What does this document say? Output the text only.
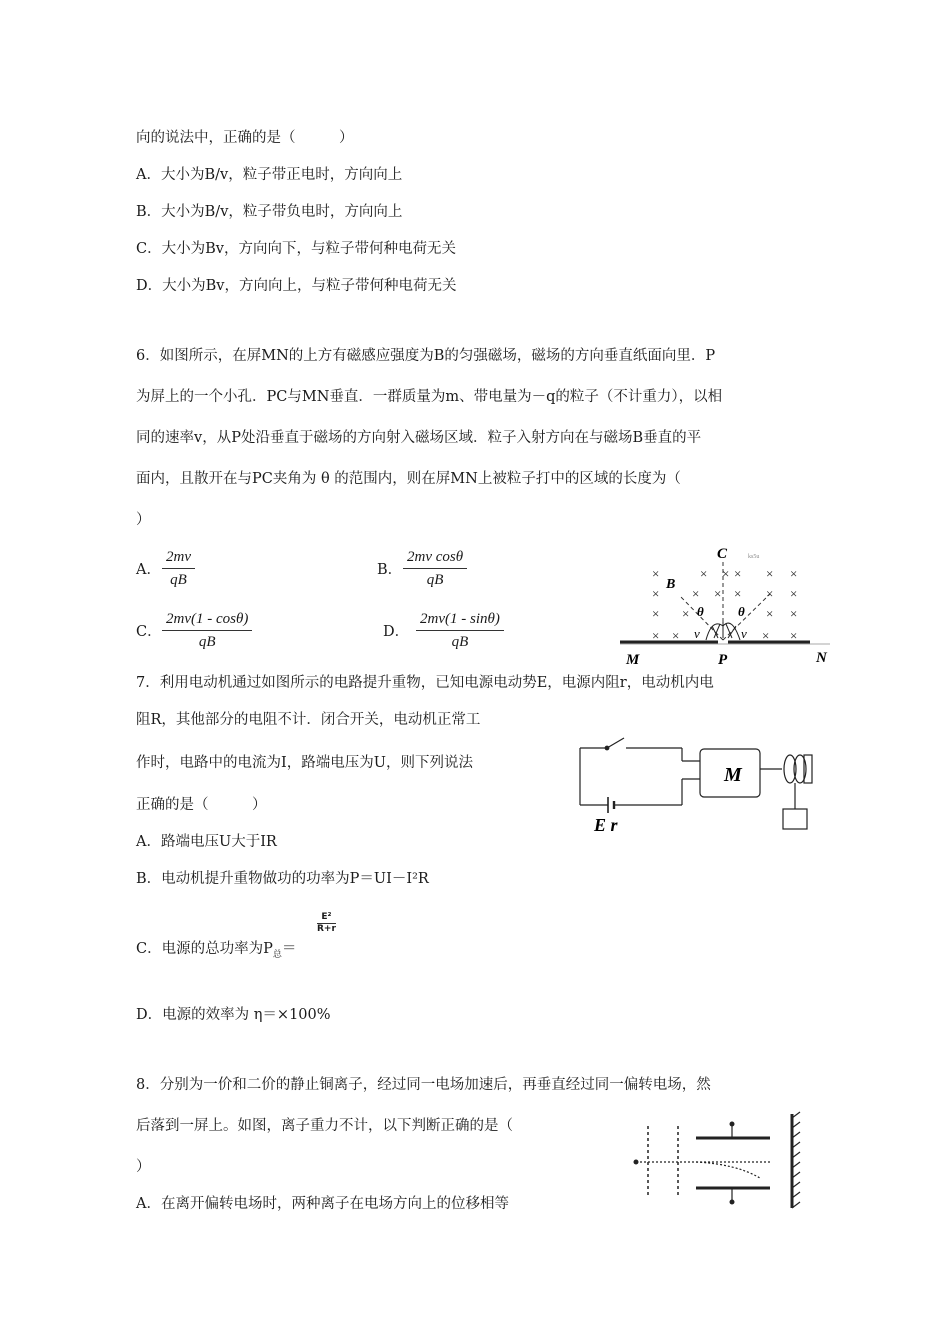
向的说法中，正确的是（　　　）
A．大小为B/v，粒子带正电时，方向向上
B．大小为B/v，粒子带负电时，方向向上
C．大小为Bv，方向向下，与粒子带何种电荷无关
D．大小为Bv，方向向上，与粒子带何种电荷无关
6．如图所示，在屏MN的上方有磁感应强度为B的匀强磁场，磁场的方向垂直纸面向里．P
为屏上的一个小孔．PC与MN垂直．一群质量为m、带电量为－q的粒子（不计重力），以相
同的速率v，从P处沿垂直于磁场的方向射入磁场区域．粒子入射方向在与磁场B垂直的平
面内，且散开在与PC夹角为 θ 的范围内，则在屏MN上被粒子打中的区域的长度为（
）
A． $\frac{2mv}{qB}$	B． $\frac{\text{2mv cosθ}}{qB}$
C． $\frac{2mv(1 - \cos\theta)}{qB}$	D． $\frac{2mv(1 - \sin\theta)}{qB}$
×	× × × × ×
×	× × × × ×
× ×	× ×
× ×	× ×
C	ks5u
B
θ	θ
v	v
M	P	N
7．利用电动机通过如图所示的电路提升重物，已知电源电动势E，电源内阻r，电动机内电
阻R，其他部分的电阻不计．闭合开关，电动机正常工
作时，电路中的电流为I，路端电压为U，则下列说法
正确的是（　　　）
A．路端电压U大于IR
B．电动机提升重物做功的功率为P＝UI－I²R
C．电源的总功率为$P_总=$
$\frac{\text{E²}}{R+r}$
D．电源的效率为 η＝×100%
M
E r
8．分别为一价和二价的静止铜离子，经过同一电场加速后，再垂直经过同一偏转电场，然
后落到一屏上。如图，离子重力不计，以下判断正确的是（
）
A．在离开偏转电场时，两种离子在电场方向上的位移相等
